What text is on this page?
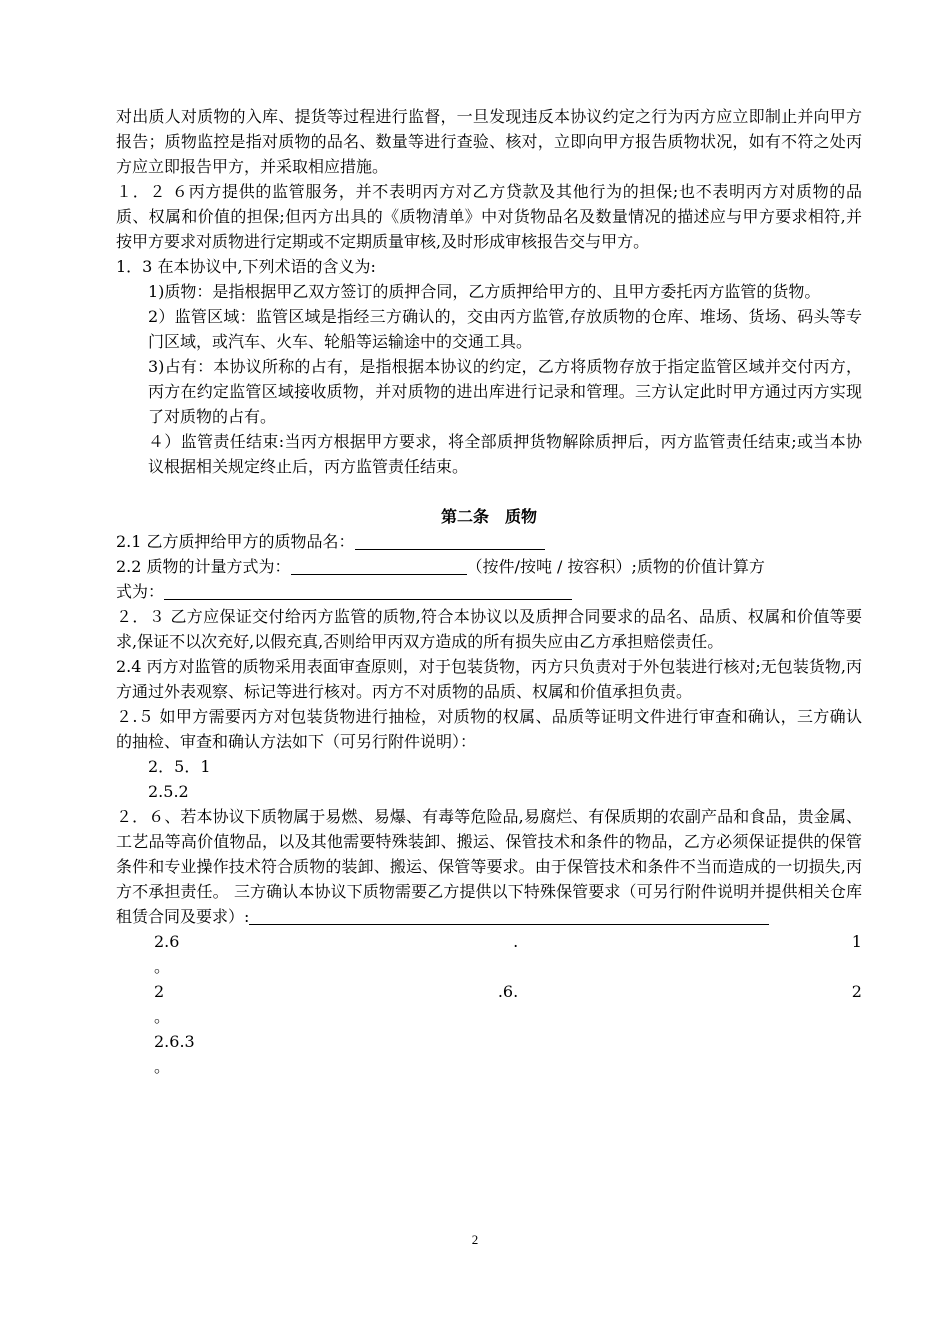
对出质人对质物的入库、提货等过程进行监督，一旦发现违反本协议约定之行为丙方应立即制止并向甲方报告；质物监控是指对质物的品名、数量等进行查验、核对，立即向甲方报告质物状况，如有不符之处丙方应立即报告甲方，并采取相应措施。

１．２ ６丙方提供的监管服务，并不表明丙方对乙方贷款及其他行为的担保;也不表明丙方对质物的品质、权属和价值的担保;但丙方出具的《质物清单》中对货物品名及数量情况的描述应与甲方要求相符,并按甲方要求对质物进行定期或不定期质量审核,及时形成审核报告交与甲方。

1．3 在本协议中,下列术语的含义为:

1)质物：是指根据甲乙双方签订的质押合同，乙方质押给甲方的、且甲方委托丙方监管的货物。

2）监管区域：监管区域是指经三方确认的，交由丙方监管,存放质物的仓库、堆场、货场、码头等专门区域，或汽车、火车、轮船等运输途中的交通工具。

3)占有：本协议所称的占有，是指根据本协议的约定，乙方将质物存放于指定监管区域并交付丙方，丙方在约定监管区域接收质物，并对质物的进出库进行记录和管理。三方认定此时甲方通过丙方实现了对质物的占有。

４）监管责任结束:当丙方根据甲方要求，将全部质押货物解除质押后，丙方监管责任结束;或当本协议根据相关规定终止后，丙方监管责任结束。

第二条　质物

2.1 乙方质押给甲方的质物品名：

2.2 质物的计量方式为：	（按件/按吨 / 按容积）;质物的价值计算方
式为：

２．３ 乙方应保证交付给丙方监管的质物,符合本协议以及质押合同要求的品名、品质、权属和价值等要求,保证不以次充好,以假充真,否则给甲丙双方造成的所有损失应由乙方承担赔偿责任。

2.4 丙方对监管的质物采用表面审查原则，对于包装货物，丙方只负责对于外包装进行核对;无包装货物,丙方通过外表观察、标记等进行核对。丙方不对质物的品质、权属和价值承担负责。

２.５ 如甲方需要丙方对包装货物进行抽检，对质物的权属、品质等证明文件进行审查和确认，三方确认的抽检、审查和确认方法如下（可另行附件说明）：

2．5．1

2.5.2

２．６、若本协议下质物属于易燃、易爆、有毒等危险品,易腐烂、有保质期的农副产品和食品，贵金属、工艺品等高价值物品，以及其他需要特殊装卸、搬运、保管技术和条件的物品，乙方必须保证提供的保管条件和专业操作技术符合质物的装卸、搬运、保管等要求。由于保管技术和条件不当而造成的一切损失,丙方不承担责任。 三方确认本协议下质物需要乙方提供以下特殊保管要求（可另行附件说明并提供相关仓库租赁合同及要求）:

2.6	.	1
。
2	.6.	2
。
2.6.3
。
2
